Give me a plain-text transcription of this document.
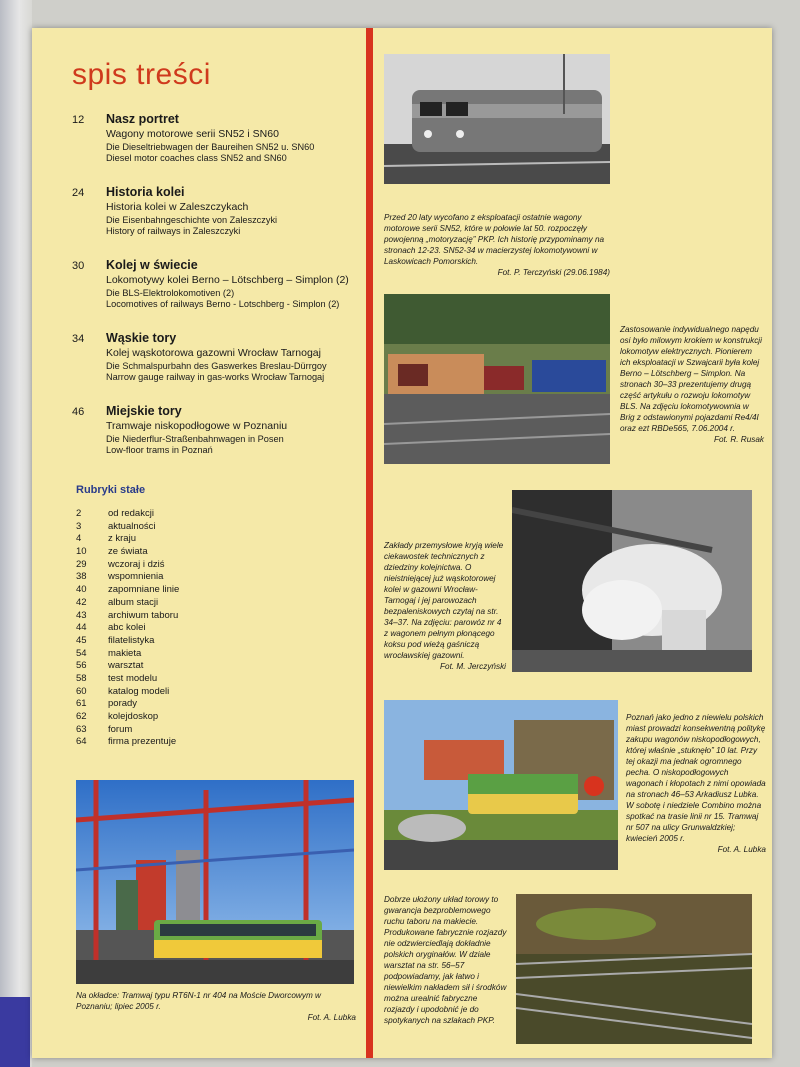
spis treści
12	Nasz portret
Wagony motorowe serii SN52 i SN60
Die Dieseltriebwagen der Baureihen SN52 u. SN60
Diesel motor coaches class SN52 and SN60
24	Historia kolei
Historia kolei w Zaleszczykach
Die Eisenbahngeschichte von Zaleszczyki
History of railways in Zaleszczyki
30	Kolej w świecie
Lokomotywy kolei Berno – Lötschberg – Simplon (2)
Die BLS-Elektrolokomotiven (2)
Locomotives of railways Berno - Lotschberg - Simplon (2)
34	Wąskie tory
Kolej wąskotorowa gazowni Wrocław Tarnogaj
Die Schmalspurbahn des Gaswerkes Breslau-Dürrgoy
Narrow gauge railway in gas-works Wrocław Tarnogaj
46	Miejskie tory
Tramwaje niskopodłogowe w Poznaniu
Die Niederflur-Straßenbahnwagen in Posen
Low-floor trams in Poznań
Rubryki stałe
2	od redakcji
3	aktualności
4	z kraju
10	ze świata
29	wczoraj i dziś
38	wspomnienia
40	zapomniane linie
42	album stacji
43	archiwum taboru
44	abc kolei
45	filatelistyka
54	makieta
56	warsztat
58	test modelu
60	katalog modeli
61	porady
62	kolejdoskop
63	forum
64	firma prezentuje
Na okładce: Tramwaj typu RT6N-1 nr 404 na Moście Dworcowym w Poznaniu; lipiec 2005 r.
Fot. A. Lubka
Przed 20 laty wycofano z eksploatacji ostatnie wagony motorowe serii SN52, które w połowie lat 50. rozpoczęły powojenną „motoryzację” PKP. Ich historię przypominamy na stronach 12-23. SN52-34 w macierzystej lokomotywowni w Laskowicach Pomorskich.
Fot. P. Terczyński (29.06.1984)
Zastosowanie indywidualnego napędu osi było milowym krokiem w konstrukcji lokomotyw elektrycznych. Pionierem ich eksploatacji w Szwajcarii była kolej Berno – Lötschberg – Simplon. Na stronach 30–33 prezentujemy drugą część artykułu o rozwoju lokomotyw BLS. Na zdjęciu lokomotywownia w Brig z odstawionymi pojazdami Re4/4I oraz ezt RBDe565, 7.06.2004 r.
Fot. R. Rusak
Zakłady przemysłowe kryją wiele ciekawostek technicznych z dziedziny kolejnictwa. O nieistniejącej już wąskotorowej kolei w gazowni Wrocław-Tarnogaj i jej parowozach bezpaleniskowych czytaj na str. 34–37. Na zdjęciu: parowóz nr 4 z wagonem pełnym płonącego koksu pod wieżą gaśniczą wrocławskiej gazowni.
Fot. M. Jerczyński
Poznań jako jedno z niewielu polskich miast prowadzi konsekwentną politykę zakupu wagonów niskopodłogowych, której właśnie „stuknęło” 10 lat. Przy tej okazji ma jednak ogromnego pecha. O niskopodłogowych wagonach i kłopotach z nimi opowiada na stronach 46–53 Arkadiusz Lubka. W sobotę i niedziele Combino można spotkać na trasie linii nr 15. Tramwaj nr 507 na ulicy Grunwaldzkiej; kwiecień 2005 r.
Fot. A. Lubka
Dobrze ułożony układ torowy to gwarancja bezproblemowego ruchu taboru na makiecie. Produkowane fabrycznie rozjazdy nie odzwierciedlają dokładnie polskich oryginałów. W dziale warsztat na str. 56–57 podpowiadamy, jak łatwo i niewielkim nakładem sił i środków można urealnić fabryczne rozjazdy i upodobnić je do spotykanych na szlakach PKP.
